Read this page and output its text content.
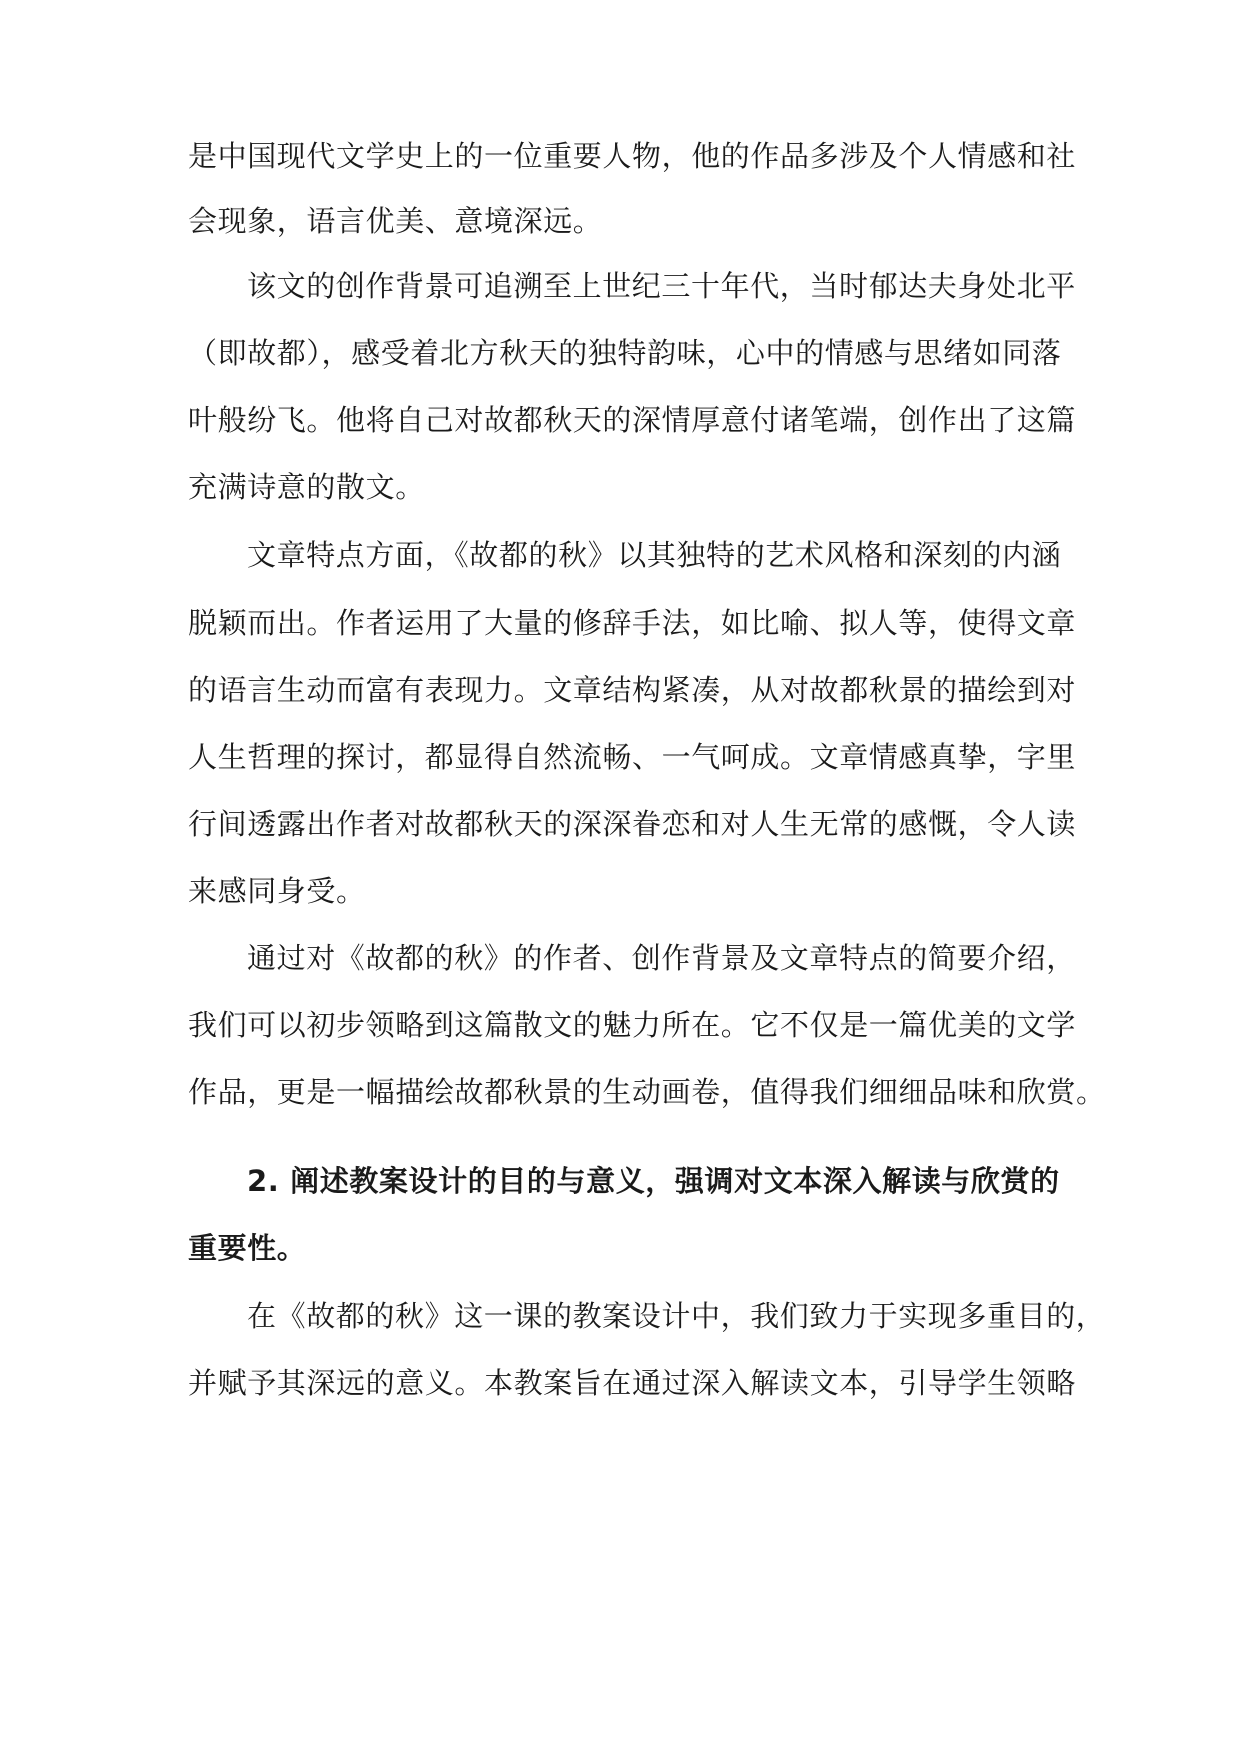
是中国现代文学史上的一位重要人物，他的作品多涉及个人情感和社
会现象，语言优美、意境深远。
该文的创作背景可追溯至上世纪三十年代，当时郁达夫身处北平
（即故都），感受着北方秋天的独特韵味，心中的情感与思绪如同落
叶般纷飞。他将自己对故都秋天的深情厚意付诸笔端，创作出了这篇
充满诗意的散文。
文章特点方面，《故都的秋》以其独特的艺术风格和深刻的内涵
脱颖而出。作者运用了大量的修辞手法，如比喻、拟人等，使得文章
的语言生动而富有表现力。文章结构紧凑，从对故都秋景的描绘到对
人生哲理的探讨，都显得自然流畅、一气呵成。文章情感真挚，字里
行间透露出作者对故都秋天的深深眷恋和对人生无常的感慨，令人读
来感同身受。
通过对《故都的秋》的作者、创作背景及文章特点的简要介绍，
我们可以初步领略到这篇散文的魅力所在。它不仅是一篇优美的文学
作品，更是一幅描绘故都秋景的生动画卷，值得我们细细品味和欣赏。
2. 阐述教案设计的目的与意义，强调对文本深入解读与欣赏的
重要性。
在《故都的秋》这一课的教案设计中，我们致力于实现多重目的，
并赋予其深远的意义。本教案旨在通过深入解读文本，引导学生领略
